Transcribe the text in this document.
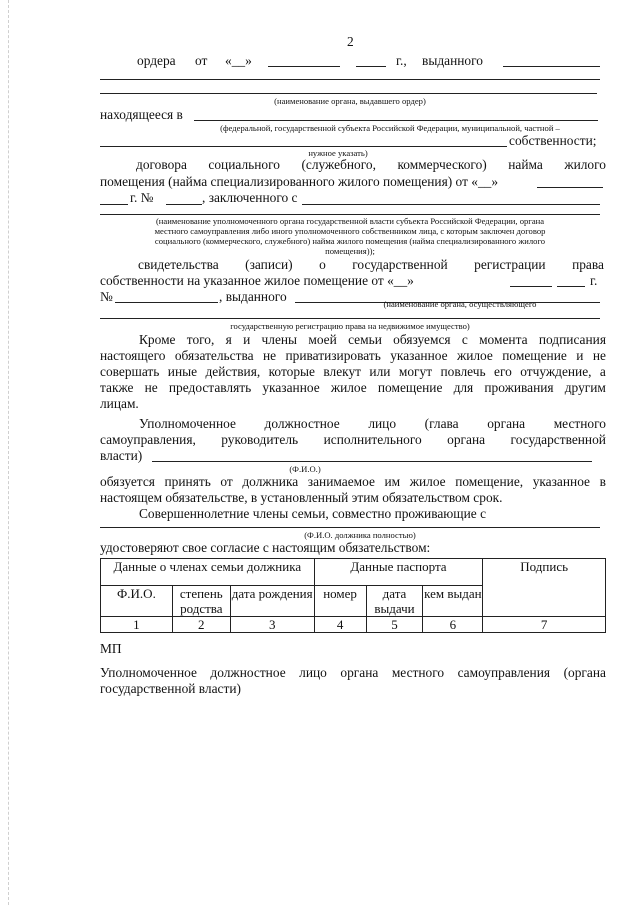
2
ордера от «__»	г., выданного
(наименование органа, выдавшего ордер)
находящееся в
(федеральной, государственной субъекта Российской Федерации, муниципальной, частной –
собственности;
нужное указать)
договора социального (служебного, коммерческого) найма жилого
помещения (найма специализированного жилого помещения) от «__»
г. №	, заключенного с
(наименование уполномоченного органа государственной власти субъекта Российской Федерации, органа
местного самоуправления либо иного уполномоченного собственником лица, с которым заключен договор
социального (коммерческого, служебного) найма жилого помещения (найма специализированного жилого
помещения));
свидетельства (записи) о государственной регистрации права
собственности на указанное жилое помещение от «__»	г.
№	, выданного	(наименование органа, осуществляющего
государственную регистрацию права на недвижимое имущество)
Кроме того, я и члены моей семьи обязуемся с момента подписания
настоящего обязательства не приватизировать указанное жилое помещение и не
совершать иные действия, которые влекут или могут повлечь его отчуждение, а
также не предоставлять указанное жилое помещение для проживания другим
лицам.
Уполномоченное должностное лицо (глава органа местного
самоуправления, руководитель исполнительного органа государственной
власти)
(Ф.И.О.)
обязуется принять от должника занимаемое им жилое помещение, указанное в
настоящем обязательстве, в установленный этим обязательством срок.
Совершеннолетние члены семьи, совместно проживающие с
(Ф.И.О. должника полностью)
удостоверяют свое согласие с настоящим обязательством:
Данные о членах семьи должника			Данные паспорта			Подпись
Ф.И.О.	степень родства	дата рождения	номер	дата выдачи	кем выдан	
1	2	3	4	5	6	7
МП
Уполномоченное должностное лицо органа местного самоуправления (органа
государственной власти)
